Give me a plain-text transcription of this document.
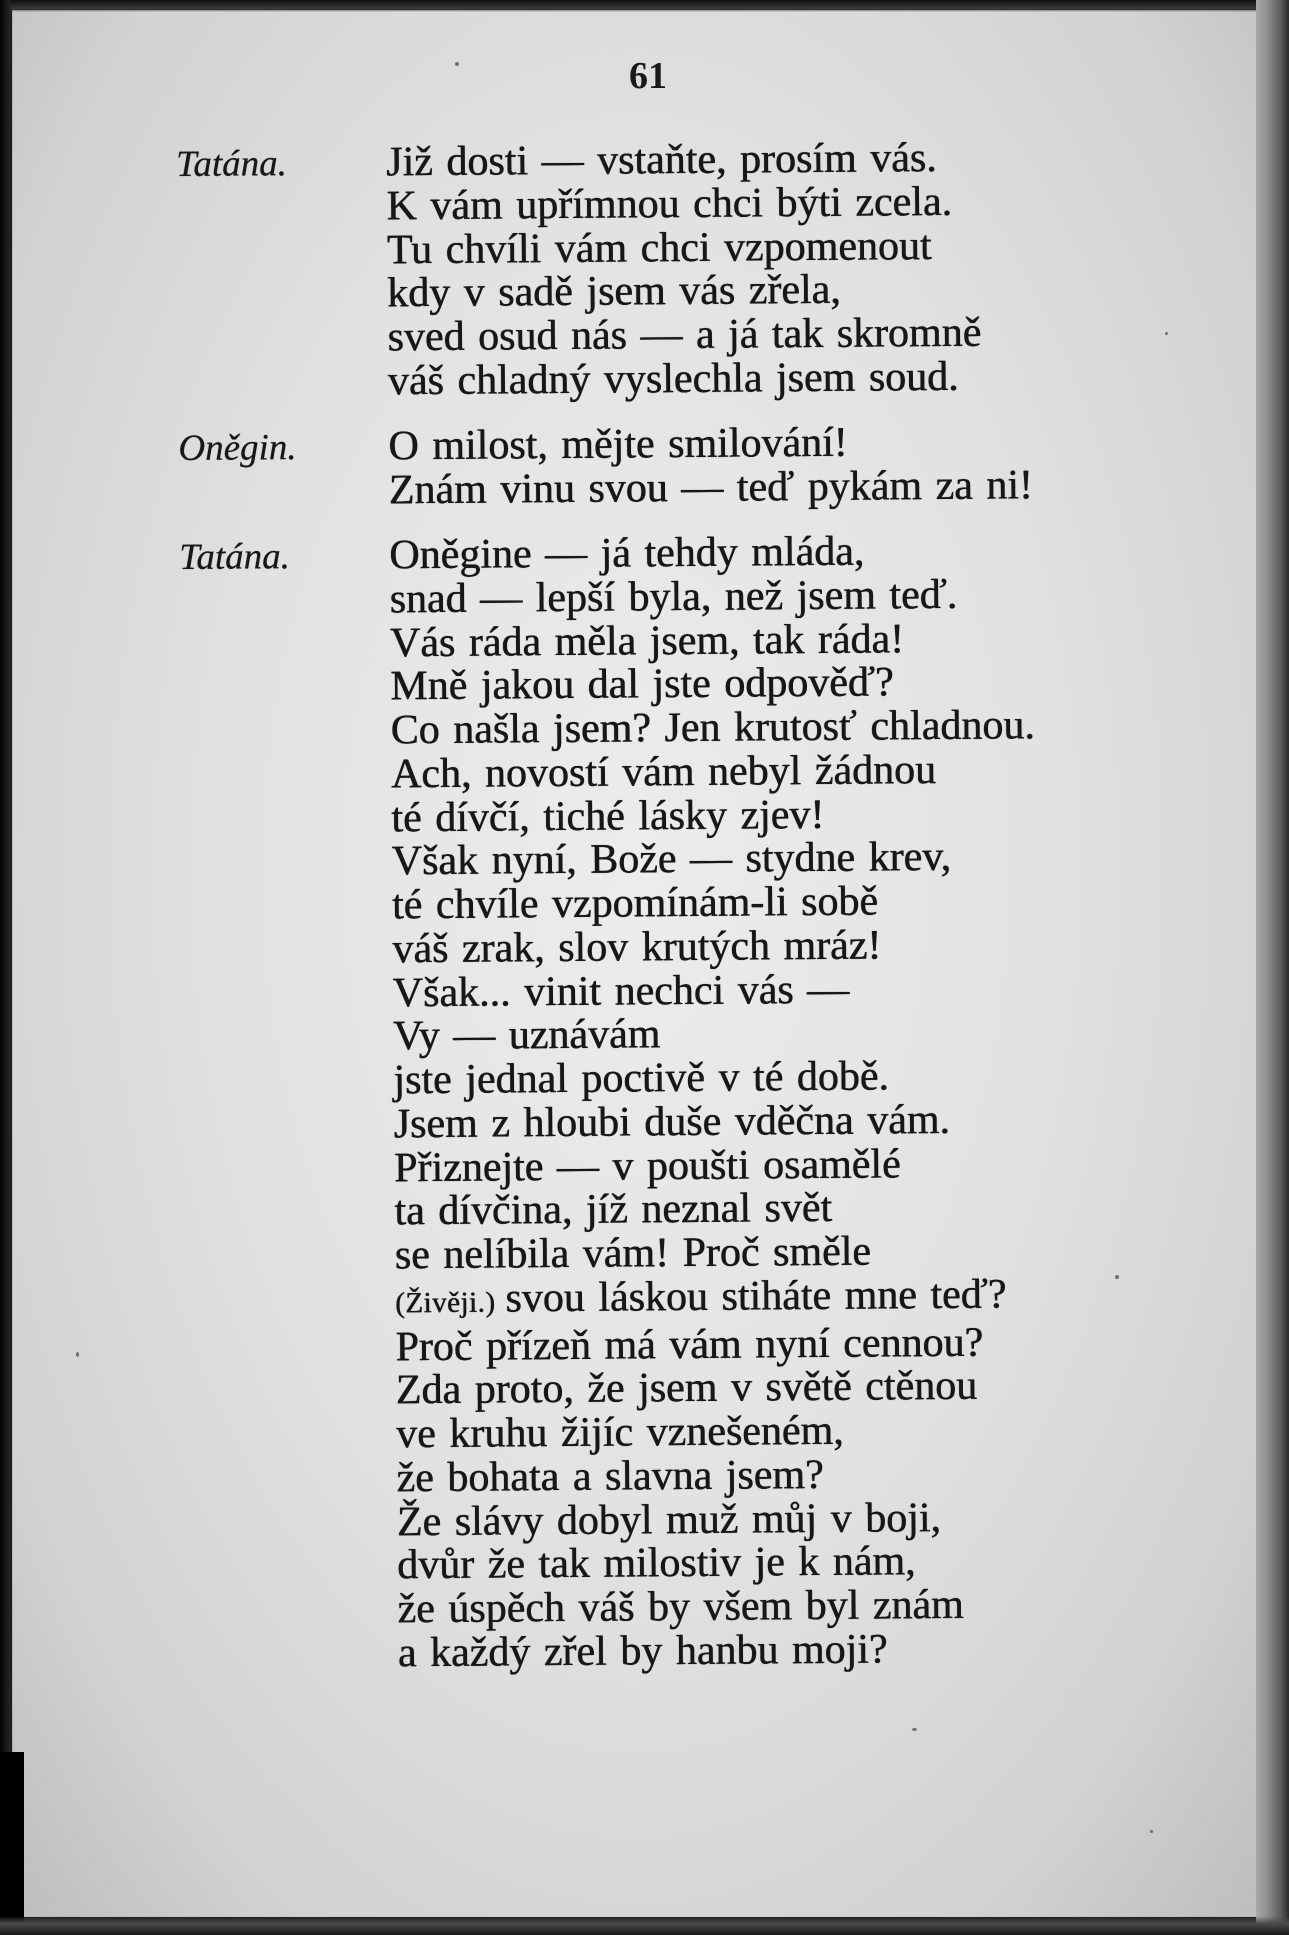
61
Tatána.	Již dosti — vstaňte, prosím vás.
K vám upřímnou chci býti zcela.
Tu chvíli vám chci vzpomenout
kdy v sadě jsem vás zřela,
sved osud nás — a já tak skromně
váš chladný vyslechla jsem soud.
Oněgin.	O milost, mějte smilování!
Znám vinu svou — teď pykám za ni!
Tatána.	Oněgine — já tehdy mláda,
snad — lepší byla, než jsem teď.
Vás ráda měla jsem, tak ráda!
Mně jakou dal jste odpověď?
Co našla jsem? Jen krutosť chladnou.
Ach, novostí vám nebyl žádnou
té dívčí, tiché lásky zjev!
Však nyní, Bože — stydne krev,
té chvíle vzpomínám-li sobě
váš zrak, slov krutých mráz!
Však... vinit nechci vás —
Vy — uznávám
jste jednal poctivě v té době.
Jsem z hloubi duše vděčna vám.
Přiznejte — v poušti osamělé
ta dívčina, jíž neznal svět
se nelíbila vám! Proč směle
(Živěji.) svou láskou stiháte mne teď?
Proč přízeň má vám nyní cennou?
Zda proto, že jsem v světě ctěnou
ve kruhu žijíc vznešeném,
že bohata a slavna jsem?
Že slávy dobyl muž můj v boji,
dvůr že tak milostiv je k nám,
že úspěch váš by všem byl znám
a každý zřel by hanbu moji?
